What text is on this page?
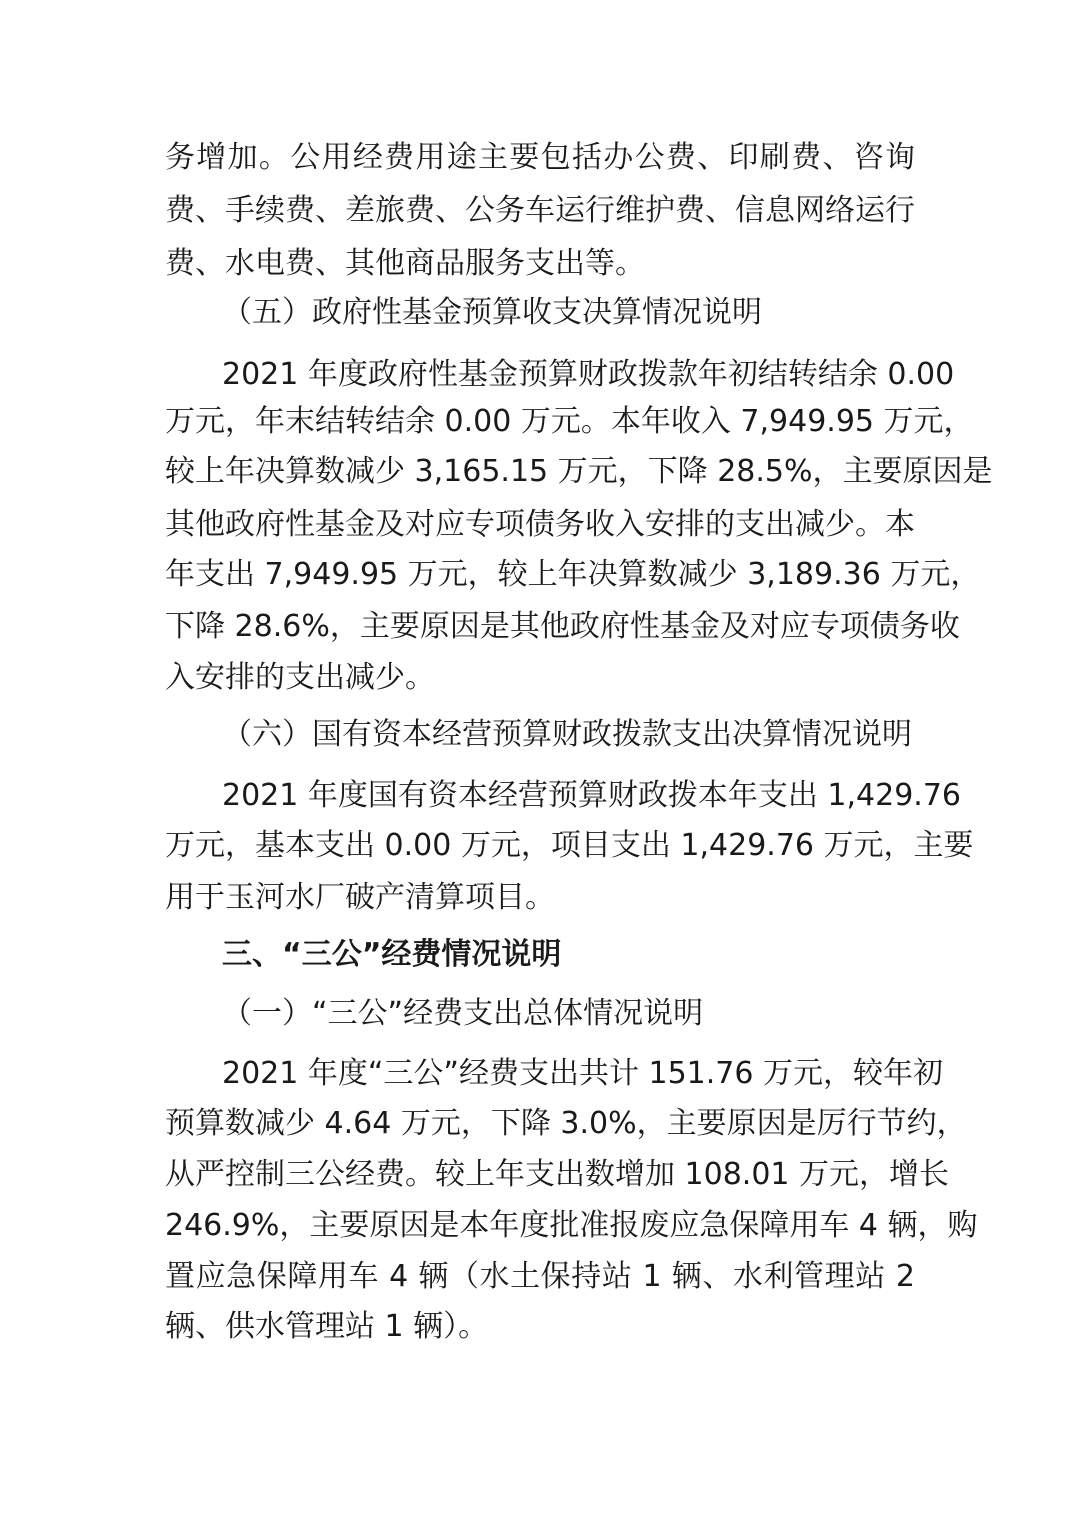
务增加。公用经费用途主要包括办公费、印刷费、咨询

费、手续费、差旅费、公务车运行维护费、信息网络运行

费、水电费、其他商品服务支出等。

（五）政府性基金预算收支决算情况说明

2021 年度政府性基金预算财政拨款年初结转结余 0.00

万元，年末结转结余 0.00 万元。本年收入 7,949.95 万元，

较上年决算数减少 3,165.15 万元，下降 28.5%，主要原因是

其他政府性基金及对应专项债务收入安排的支出减少。本

年支出 7,949.95 万元，较上年决算数减少 3,189.36 万元，

下降 28.6%，主要原因是其他政府性基金及对应专项债务收

入安排的支出减少。

（六）国有资本经营预算财政拨款支出决算情况说明

2021 年度国有资本经营预算财政拨本年支出 1,429.76

万元，基本支出 0.00 万元，项目支出 1,429.76 万元，主要

用于玉河水厂破产清算项目。

三、“三公”经费情况说明

（一）“三公”经费支出总体情况说明

2021 年度“三公”经费支出共计 151.76 万元，较年初

预算数减少 4.64 万元，下降 3.0%，主要原因是厉行节约，

从严控制三公经费。较上年支出数增加 108.01 万元，增长

246.9%，主要原因是本年度批准报废应急保障用车 4 辆，购

置应急保障用车 4 辆（水土保持站 1 辆、水利管理站 2

辆、供水管理站 1 辆）。
